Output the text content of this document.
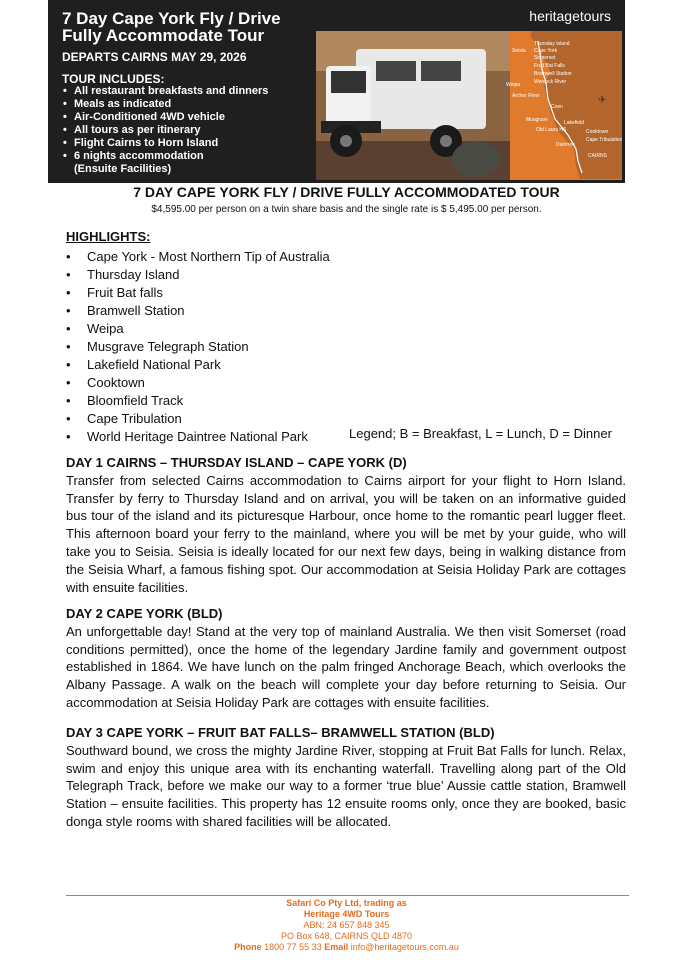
7 Day Cape York Fly / Drive
Fully Accommodate Tour
DEPARTS CAIRNS MAY 29, 2026
TOUR INCLUDES:
• All restaurant breakfasts and dinners
• Meals as indicated
• Air-Conditioned 4WD vehicle
• All tours as per itinerary
• Flight Cairns to Horn Island
• 6 nights accommodation
(Ensuite Facilities)
heritagetours
✈
Thursday Island
Seisia Cape York
Somerset
Fruit Bat Falls
Bramwell Station
Wenlock River
Weipa
Archer River
Coen
Musgrave	Lakefield
Old Laura HS	Cooktown
Cape Tribulation
Daintree
CAIRNS
7 DAY CAPE YORK FLY / DRIVE FULLY ACCOMMODATED TOUR
$4,595.00 per person on a twin share basis and the single rate is $ 5,495.00 per person.
HIGHLIGHTS:
• Cape York - Most Northern Tip of Australia
• Thursday Island
• Fruit Bat falls
• Bramwell Station
• Weipa
• Musgrave Telegraph Station
• Lakefield National Park
• Cooktown
• Bloomfield Track
• Cape Tribulation
• World Heritage Daintree National Park	Legend; B = Breakfast, L = Lunch, D = Dinner
DAY 1 CAIRNS – THURSDAY ISLAND – CAPE YORK (D)

Transfer from selected Cairns accommodation to Cairns airport for your flight to Horn Island. Transfer by ferry to Thursday Island and on arrival, you will be taken on an informative guided bus tour of the island and its picturesque Harbour, once home to the romantic pearl lugger fleet. This afternoon board your ferry to the mainland, where you will be met by your guide, who will take you to Seisia. Seisia is ideally located for our next few days, being in walking distance from the Seisia Wharf, a famous fishing spot. Our accommodation at Seisia Holiday Park are cottages with ensuite facilities.

DAY 2 CAPE YORK (BLD)

An unforgettable day! Stand at the very top of mainland Australia. We then visit Somerset (road conditions permitted), once the home of the legendary Jardine family and government outpost established in 1864. We have lunch on the palm fringed Anchorage Beach, which overlooks the Albany Passage. A walk on the beach will complete your day before returning to Seisia. Our accommodation at Seisia Holiday Park are cottages with ensuite facilities.

DAY 3 CAPE YORK – FRUIT BAT FALLS– BRAMWELL STATION (BLD)

Southward bound, we cross the mighty Jardine River, stopping at Fruit Bat Falls for lunch. Relax, swim and enjoy this unique area with its enchanting waterfall. Travelling along part of the Old Telegraph Track, before we make our way to a former ‘true blue’ Aussie cattle station, Bramwell Station – ensuite facilities. This property has 12 ensuite rooms only, once they are booked, basic donga style rooms with shared facilities will be allocated.

Safari Co Pty Ltd, trading as
Heritage 4WD Tours
ABN: 24 657 848 345
PO Box 648, CAIRNS QLD 4870
Phone 1800 77 55 33 Email info@heritagetours.com.au
